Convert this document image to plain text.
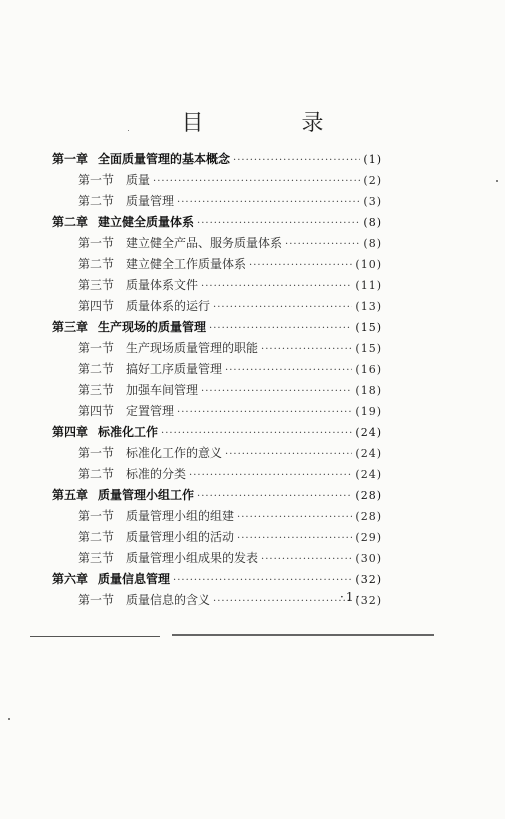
目　录
第一章 全面质量管理的基本概念 ·····	(1)
第一节 质量 ·····	(2)
第二节 质量管理 ·····	(3)
第二章 建立健全质量体系 ·····	(8)
第一节 建立健全产品、服务质量体系 ·····	(8)
第二节 建立健全工作质量体系 ·····	(10)
第三节 质量体系文件 ·····	(11)
第四节 质量体系的运行 ·····	(13)
第三章 生产现场的质量管理 ·····	(15)
第一节 生产现场质量管理的职能 ·····	(15)
第二节 搞好工序质量管理 ·····	(16)
第三节 加强车间管理 ·····	(18)
第四节 定置管理 ·····	(19)
第四章 标准化工作 ·····	(24)
第一节 标准化工作的意义 ·····	(24)
第二节 标准的分类 ·····	(24)
第五章 质量管理小组工作 ·····	(28)
第一节 质量管理小组的组建 ·····	(28)
第二节 质量管理小组的活动 ·····	(29)
第三节 质量管理小组成果的发表 ·····	(30)
第六章 质量信息管理 ·····	(32)
第一节 质量信息的含义 ·····	(32)
·1·
